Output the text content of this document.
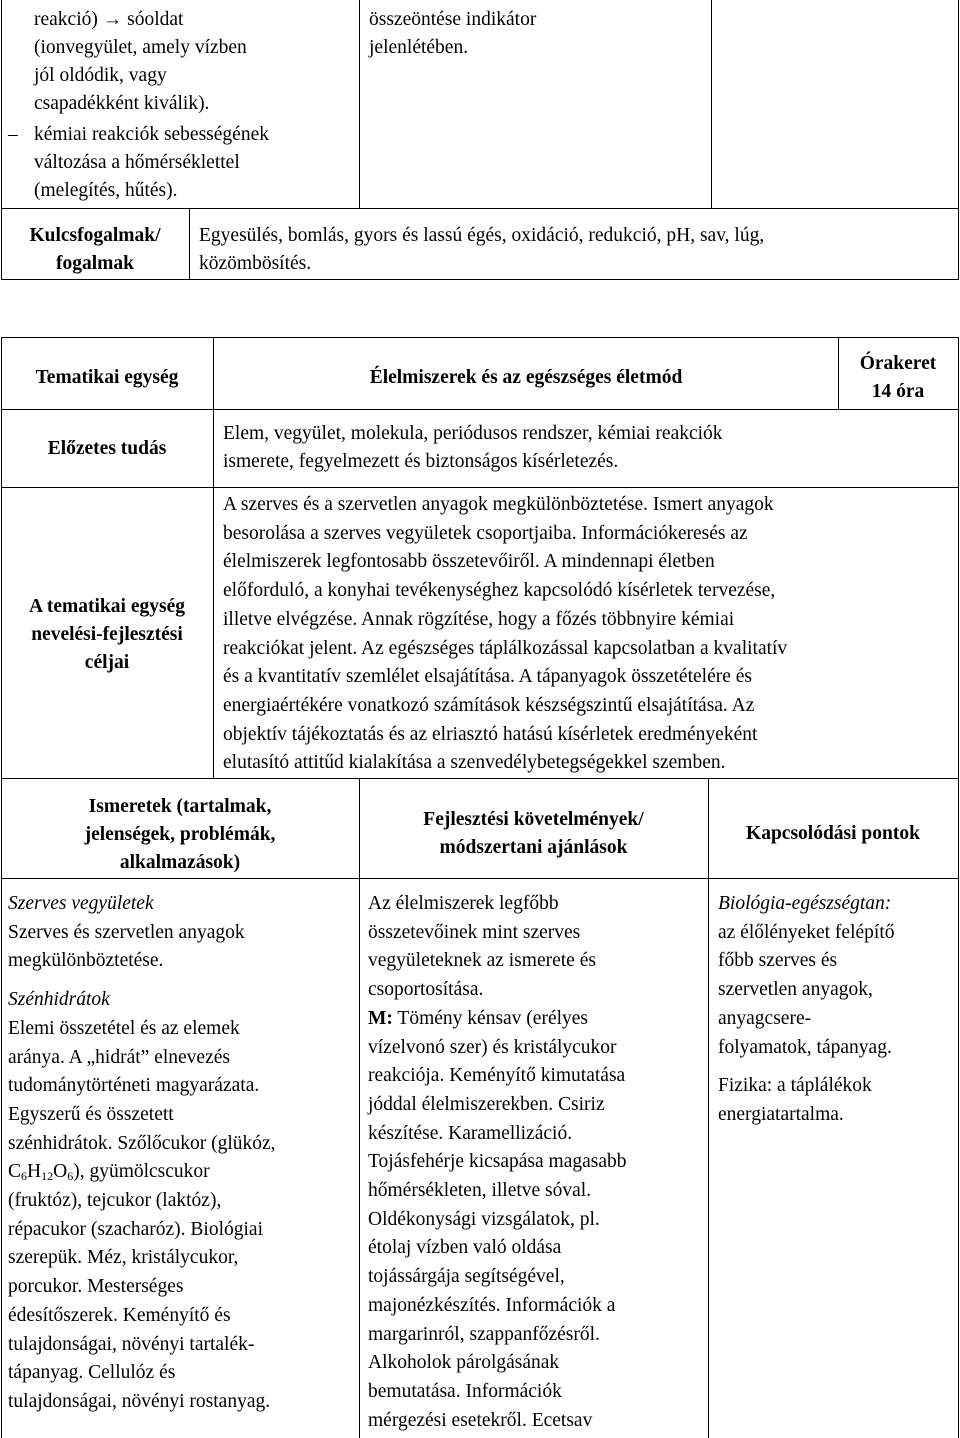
reakció) → sóoldat

(ionvegyület, amely vízben

jól oldódik, vagy

csapadékként kiválik).

– kémiai reakciók sebességének

változása a hőmérséklettel

(melegítés, hűtés).

összeöntése indikátor

jelenlétében.

Kulcsfogalmak/

fogalmak

Egyesülés, bomlás, gyors és lassú égés, oxidáció, redukció, pH, sav, lúg,

közömbösítés.

Tematikai egység	Élelmiszerek és az egészséges életmód

Órakeret

14 óra

Előzetes tudás

Elem, vegyület, molekula, periódusos rendszer, kémiai reakciók

ismerete, fegyelmezett és biztonságos kísérletezés.

A tematikai egység

nevelési-fejlesztési

céljai

A szerves és a szervetlen anyagok megkülönböztetése. Ismert anyagok

besorolása a szerves vegyületek csoportjaiba. Információkeresés az

élelmiszerek legfontosabb összetevőiről. A mindennapi életben

előforduló, a konyhai tevékenységhez kapcsolódó kísérletek tervezése,

illetve elvégzése. Annak rögzítése, hogy a főzés többnyire kémiai

reakciókat jelent. Az egészséges táplálkozással kapcsolatban a kvalitatív

és a kvantitatív szemlélet elsajátítása. A tápanyagok összetételére és

energiaértékére vonatkozó számítások készségszintű elsajátítása. Az

objektív tájékoztatás és az elriasztó hatású kísérletek eredményeként

elutasító attitűd kialakítása a szenvedélybetegségekkel szemben.

Ismeretek (tartalmak,

jelenségek, problémák,

alkalmazások)

Fejlesztési követelmények/

módszertani ajánlások

Kapcsolódási pontok

Szerves vegyületek

Szerves és szervetlen anyagok

megkülönböztetése.

Szénhidrátok

Elemi összetétel és az elemek

aránya. A „hidrát” elnevezés

tudománytörténeti magyarázata.

Egyszerű és összetett

szénhidrátok. Szőlőcukor (glükóz,

$C_6H_{12}O_6$), gyümölcscukor

(fruktóz), tejcukor (laktóz),

répacukor (szacharóz). Biológiai

szerepük. Méz, kristálycukor,

porcukor. Mesterséges

édesítőszerek. Keményítő és

tulajdonságai, növényi tartalék-

tápanyag. Cellulóz és

tulajdonságai, növényi rostanyag.

Az élelmiszerek legfőbb

összetevőinek mint szerves

vegyületeknek az ismerete és

csoportosítása.

M: Tömény kénsav (erélyes

vízelvonó szer) és kristálycukor

reakciója. Keményítő kimutatása

jóddal élelmiszerekben. Csiriz

készítése. Karamellizáció.

Tojásfehérje kicsapása magasabb

hőmérsékleten, illetve sóval.

Oldékonysági vizsgálatok, pl.

étolaj vízben való oldása

tojássárgája segítségével,

majonézkészítés. Információk a

margarinról, szappanfőzésről.

Alkoholok párolgásának

bemutatása. Információk

mérgezési esetekről. Ecetsav

Biológia-egészségtan:

az élőlényeket felépítő

főbb szerves és

szervetlen anyagok,

anyagcsere-

folyamatok, tápanyag.

Fizika: a táplálékok

energiatartalma.
